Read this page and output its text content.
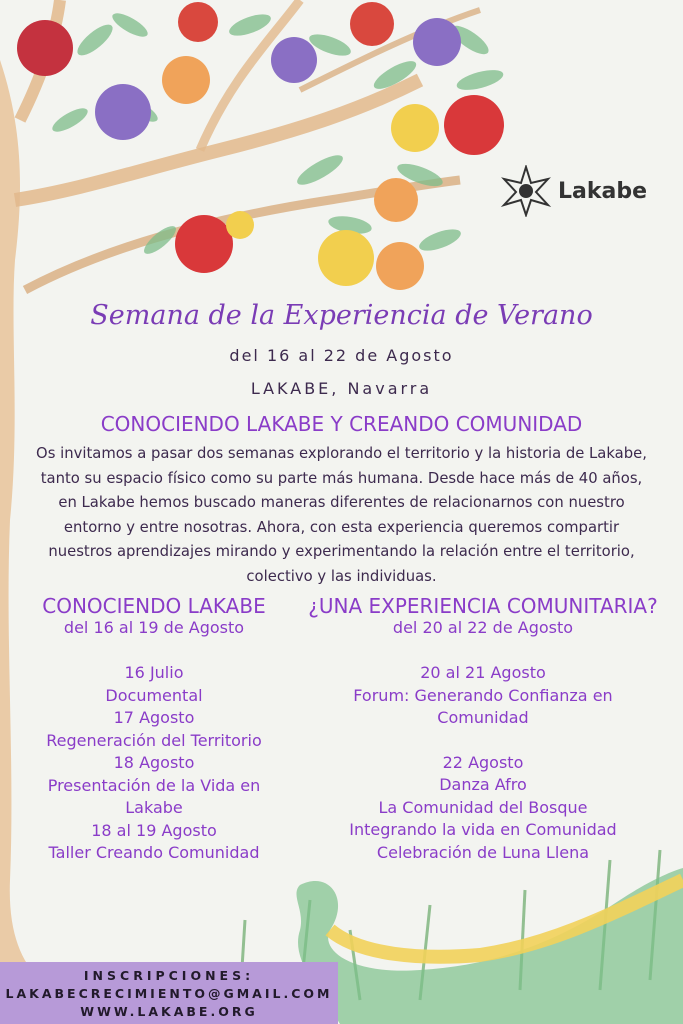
Lakabe
Semana de la Experiencia de Verano
del 16 al 22 de Agosto
LAKABE, Navarra
CONOCIENDO LAKABE Y CREANDO COMUNIDAD
Os invitamos a pasar dos semanas explorando el territorio y la historia de Lakabe, tanto su espacio físico como su parte más humana. Desde hace más de 40 años, en Lakabe hemos buscado maneras diferentes de relacionarnos con nuestro entorno y entre nosotras. Ahora, con esta experiencia queremos compartir nuestros aprendizajes mirando y experimentando la relación entre el territorio, colectivo y las individuas.
CONOCIENDO LAKABE
del 16 al 19 de Agosto
16 Julio
Documental
17 Agosto
Regeneración del Territorio
18 Agosto
Presentación de la Vida en
Lakabe
18 al 19 Agosto
Taller Creando Comunidad
¿UNA EXPERIENCIA COMUNITARIA?
del 20 al 22 de Agosto
20 al 21 Agosto
Forum: Generando Confianza en
Comunidad
22 Agosto
Danza Afro
La Comunidad del Bosque
Integrando la vida en Comunidad
Celebración de Luna Llena
INSCRIPCIONES:
LAKABECRECIMIENTO@GMAIL.COM
WWW.LAKABE.ORG
